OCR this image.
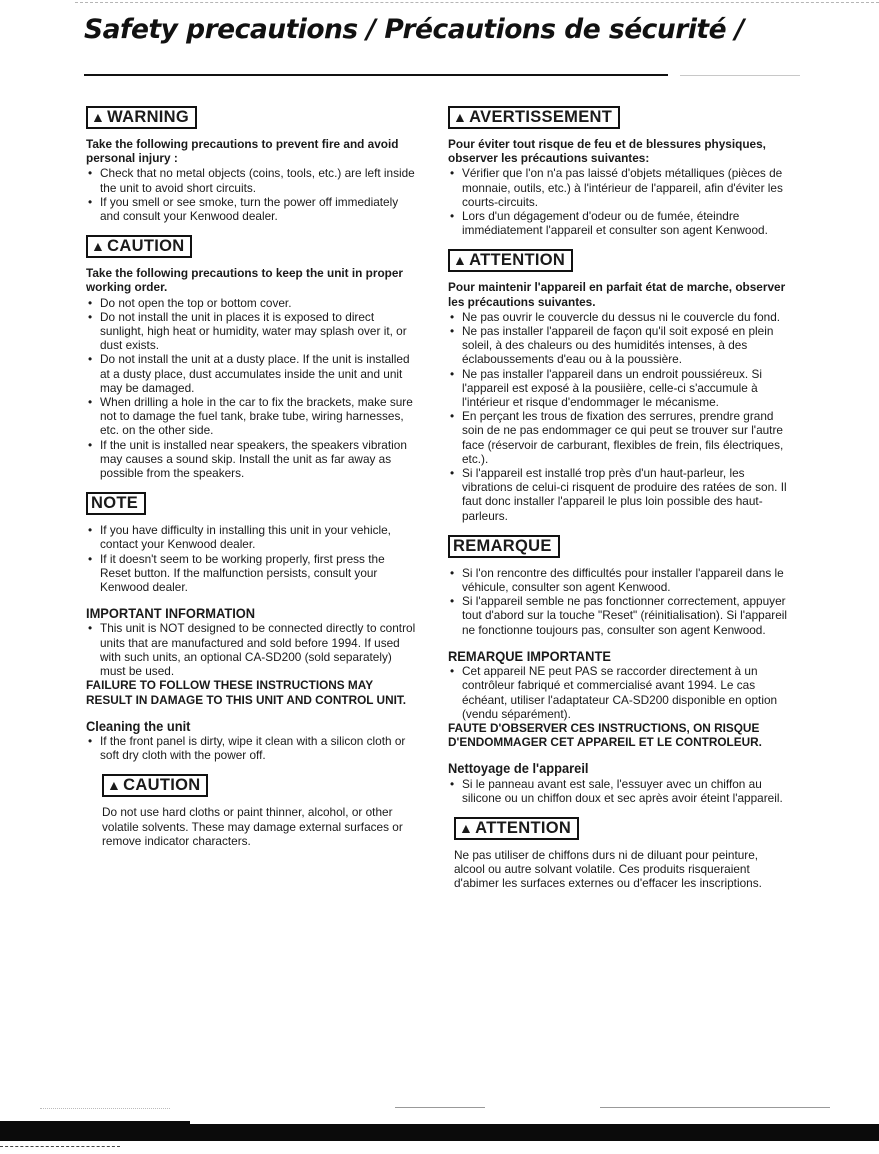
Safety precautions / Précautions de sécurité /
▲ WARNING

Take the following precautions to prevent fire and avoid personal injury :

• Check that no metal objects (coins, tools, etc.) are left inside the unit to avoid short circuits.
• If you smell or see smoke, turn the power off immediately and consult your Kenwood dealer.
▲ CAUTION

Take the following precautions to keep the unit in proper working order.

• Do not open the top or bottom cover.
• Do not install the unit in places it is exposed to direct sunlight, high heat or humidity, water may splash over it, or dust exists.
• Do not install the unit at a dusty place. If the unit is installed at a dusty place, dust accumulates inside the unit and unit may be damaged.
• When drilling a hole in the car to fix the brackets, make sure not to damage the fuel tank, brake tube, wiring harnesses, etc. on the other side.
• If the unit is installed near speakers, the speakers vibration may causes a sound skip. Install the unit as far away as possible from the speakers.
NOTE
• If you have difficulty in installing this unit in your vehicle, contact your Kenwood dealer.
• If it doesn't seem to be working properly, first press the Reset button. If the malfunction persists, consult your Kenwood dealer.
IMPORTANT INFORMATION
• This unit is NOT designed to be connected directly to control units that are manufactured and sold before 1994. If used with such units, an optional CA-SD200 (sold separately) must be used.

FAILURE TO FOLLOW THESE INSTRUCTIONS MAY RESULT IN DAMAGE TO THIS UNIT AND CONTROL UNIT.

Cleaning the unit
• If the front panel is dirty, wipe it clean with a silicon cloth or soft dry cloth with the power off.
▲ CAUTION

Do not use hard cloths or paint thinner, alcohol, or other volatile solvents. These may damage external surfaces or remove indicator characters.

▲ AVERTISSEMENT

Pour éviter tout risque de feu et de blessures physiques, observer les précautions suivantes:

• Vérifier que l'on n'a pas laissé d'objets métalliques (pièces de monnaie, outils, etc.) à l'intérieur de l'appareil, afin d'éviter les courts-circuits.
• Lors d'un dégagement d'odeur ou de fumée, éteindre immédiatement l'appareil et consulter son agent Kenwood.
▲ ATTENTION

Pour maintenir l'appareil en parfait état de marche, observer les précautions suivantes.

• Ne pas ouvrir le couvercle du dessus ni le couvercle du fond.
• Ne pas installer l'appareil de façon qu'il soit exposé en plein soleil, à des chaleurs ou des humidités intenses, à des éclaboussements d'eau ou à la poussière.
• Ne pas installer l'appareil dans un endroit poussiéreux. Si l'appareil est exposé à la pousiière, celle-ci s'accumule à l'intérieur et risque d'endommager le mécanisme.
• En perçant les trous de fixation des serrures, prendre grand soin de ne pas endommager ce qui peut se trouver sur l'autre face (réservoir de carburant, flexibles de frein, fils électriques, etc.).
• Si l'appareil est installé trop près d'un haut-parleur, les vibrations de celui-ci risquent de produire des ratées de son. Il faut donc installer l'appareil le plus loin possible des haut-parleurs.
REMARQUE
• Si l'on rencontre des difficultés pour installer l'appareil dans le véhicule, consulter son agent Kenwood.
• Si l'appareil semble ne pas fonctionner correctement, appuyer tout d'abord sur la touche "Reset" (réinitialisation). Si l'appareil ne fonctionne toujours pas, consulter son agent Kenwood.
REMARQUE IMPORTANTE
• Cet appareil NE peut PAS se raccorder directement à un contrôleur fabriqué et commercialisé avant 1994. Le cas échéant, utiliser l'adaptateur CA-SD200 disponible en option (vendu séparément).

FAUTE D'OBSERVER CES INSTRUCTIONS, ON RISQUE D'ENDOMMAGER CET APPAREIL ET LE CONTROLEUR.

Nettoyage de l'appareil
• Si le panneau avant est sale, l'essuyer avec un chiffon au silicone ou un chiffon doux et sec après avoir éteint l'appareil.
▲ ATTENTION

Ne pas utiliser de chiffons durs ni de diluant pour peinture, alcool ou autre solvant volatile. Ces produits risqueraient d'abimer les surfaces externes ou d'effacer les inscriptions.
